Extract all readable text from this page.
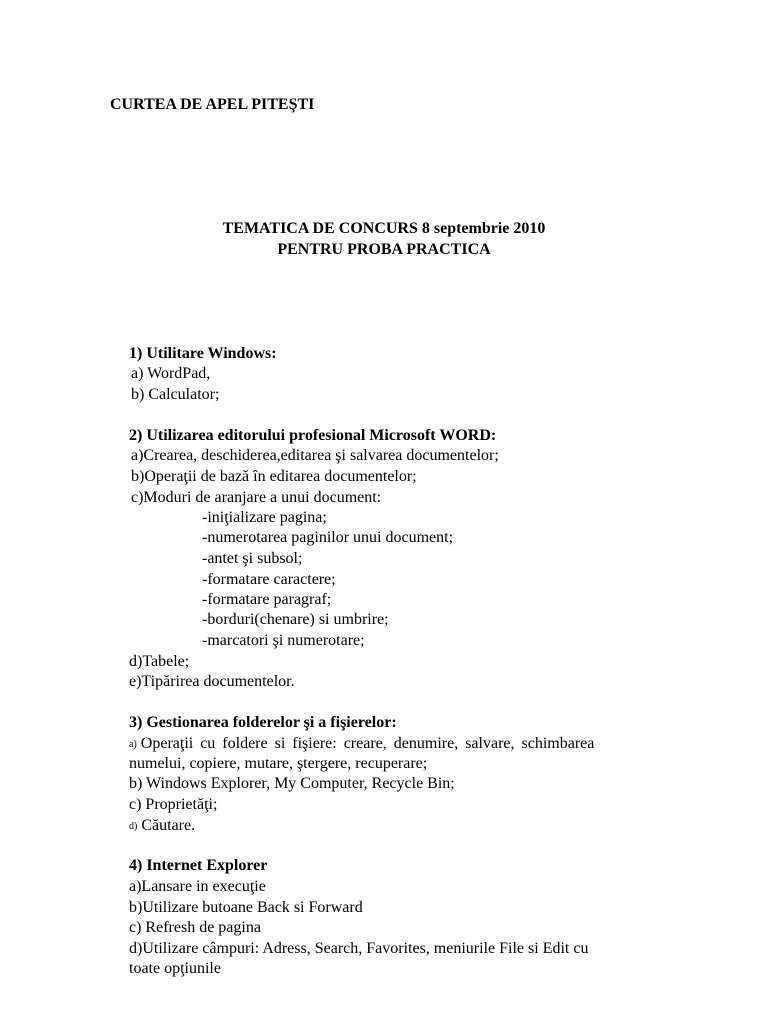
CURTEA DE APEL PITEŞTI
TEMATICA DE CONCURS 8 septembrie 2010
PENTRU PROBA PRACTICA
1) Utilitare Windows:
a) WordPad,
b) Calculator;
2) Utilizarea editorului profesional Microsoft WORD:
a)Crearea, deschiderea,editarea şi salvarea documentelor;
b)Operaţii de bază în editarea documentelor;
c)Moduri de aranjare a unui document:
-iniţializare pagina;
-numerotarea paginilor unui document;
-antet şi subsol;
-formatare caractere;
-formatare paragraf;
-borduri(chenare) si umbrire;
-marcatori şi numerotare;
d)Tabele;
e)Tipărirea documentelor.
3) Gestionarea folderelor şi a fişierelor:
a) Operaţii cu foldere si fişiere: creare, denumire, salvare, schimbarea
numelui, copiere, mutare, ştergere, recuperare;
b) Windows Explorer, My Computer, Recycle Bin;
c) Proprietăţi;
d) Căutare.
4) Internet Explorer
a)Lansare in execuţie
b)Utilizare butoane Back si Forward
c) Refresh de pagina
d)Utilizare câmpuri: Adress, Search, Favorites, meniurile File si Edit cu
toate opţiunile
